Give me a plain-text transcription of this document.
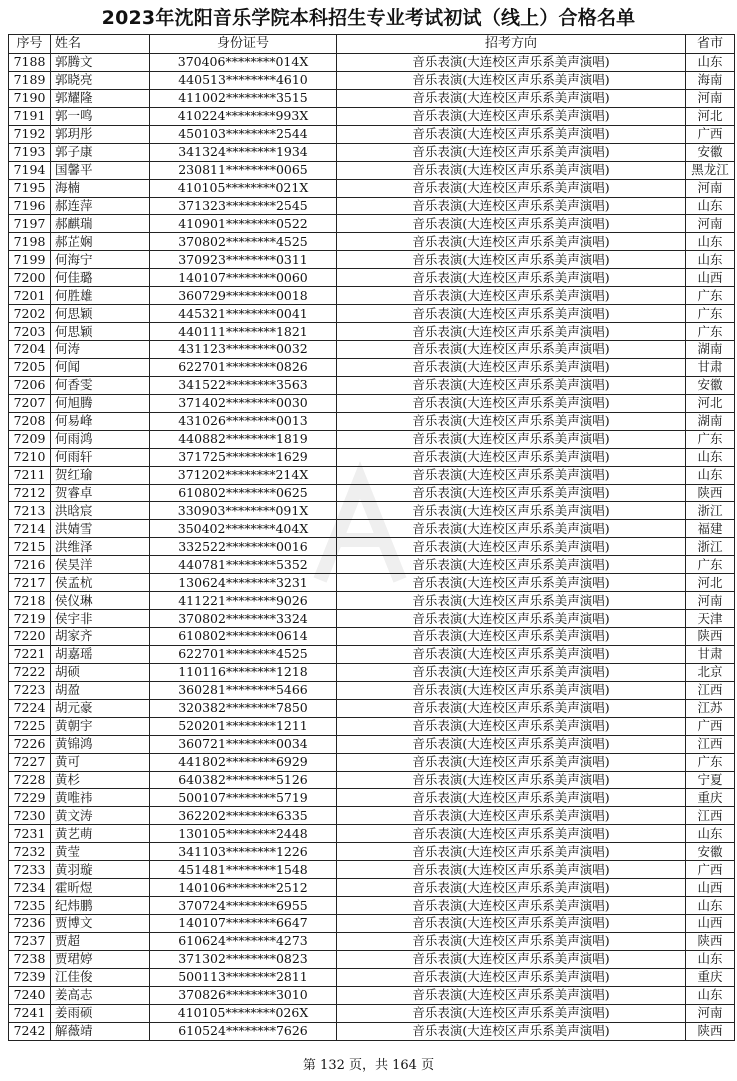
2023年沈阳音乐学院本科招生专业考试初试（线上）合格名单
序号	姓名	身份证号	招考方向	省市
7188	郭腾文	370406********014X	音乐表演(大连校区声乐系美声演唱)	山东
7189	郭晓亮	440513********4610	音乐表演(大连校区声乐系美声演唱)	海南
7190	郭耀隆	411002********3515	音乐表演(大连校区声乐系美声演唱)	河南
7191	郭一鸣	410224********993X	音乐表演(大连校区声乐系美声演唱)	河北
7192	郭玥彤	450103********2544	音乐表演(大连校区声乐系美声演唱)	广西
7193	郭子康	341324********1934	音乐表演(大连校区声乐系美声演唱)	安徽
7194	国馨平	230811********0065	音乐表演(大连校区声乐系美声演唱)	黑龙江
7195	海楠	410105********021X	音乐表演(大连校区声乐系美声演唱)	河南
7196	郝连萍	371323********2545	音乐表演(大连校区声乐系美声演唱)	山东
7197	郝麒瑞	410901********0522	音乐表演(大连校区声乐系美声演唱)	河南
7198	郝芷娴	370802********4525	音乐表演(大连校区声乐系美声演唱)	山东
7199	何海宁	370923********0311	音乐表演(大连校区声乐系美声演唱)	山东
7200	何佳璐	140107********0060	音乐表演(大连校区声乐系美声演唱)	山西
7201	何胜雄	360729********0018	音乐表演(大连校区声乐系美声演唱)	广东
7202	何思颖	445321********0041	音乐表演(大连校区声乐系美声演唱)	广东
7203	何思颖	440111********1821	音乐表演(大连校区声乐系美声演唱)	广东
7204	何涛	431123********0032	音乐表演(大连校区声乐系美声演唱)	湖南
7205	何闻	622701********0826	音乐表演(大连校区声乐系美声演唱)	甘肃
7206	何香雯	341522********3563	音乐表演(大连校区声乐系美声演唱)	安徽
7207	何旭腾	371402********0030	音乐表演(大连校区声乐系美声演唱)	河北
7208	何易峰	431026********0013	音乐表演(大连校区声乐系美声演唱)	湖南
7209	何雨鸿	440882********1819	音乐表演(大连校区声乐系美声演唱)	广东
7210	何雨轩	371725********1629	音乐表演(大连校区声乐系美声演唱)	山东
7211	贺红瑜	371202********214X	音乐表演(大连校区声乐系美声演唱)	山东
7212	贺睿卓	610802********0625	音乐表演(大连校区声乐系美声演唱)	陕西
7213	洪晗宸	330903********091X	音乐表演(大连校区声乐系美声演唱)	浙江
7214	洪婧雪	350402********404X	音乐表演(大连校区声乐系美声演唱)	福建
7215	洪维泽	332522********0016	音乐表演(大连校区声乐系美声演唱)	浙江
7216	侯昊洋	440781********5352	音乐表演(大连校区声乐系美声演唱)	广东
7217	侯孟杭	130624********3231	音乐表演(大连校区声乐系美声演唱)	河北
7218	侯仪琳	411221********9026	音乐表演(大连校区声乐系美声演唱)	河南
7219	侯宇非	370802********3324	音乐表演(大连校区声乐系美声演唱)	天津
7220	胡家齐	610802********0614	音乐表演(大连校区声乐系美声演唱)	陕西
7221	胡嘉瑶	622701********4525	音乐表演(大连校区声乐系美声演唱)	甘肃
7222	胡硕	110116********1218	音乐表演(大连校区声乐系美声演唱)	北京
7223	胡盈	360281********5466	音乐表演(大连校区声乐系美声演唱)	江西
7224	胡元豪	320382********7850	音乐表演(大连校区声乐系美声演唱)	江苏
7225	黄朝宇	520201********1211	音乐表演(大连校区声乐系美声演唱)	广西
7226	黄锦鸿	360721********0034	音乐表演(大连校区声乐系美声演唱)	江西
7227	黄可	441802********6929	音乐表演(大连校区声乐系美声演唱)	广东
7228	黄杉	640382********5126	音乐表演(大连校区声乐系美声演唱)	宁夏
7229	黄唯祎	500107********5719	音乐表演(大连校区声乐系美声演唱)	重庆
7230	黄文涛	362202********6335	音乐表演(大连校区声乐系美声演唱)	江西
7231	黄艺萌	130105********2448	音乐表演(大连校区声乐系美声演唱)	山东
7232	黄莹	341103********1226	音乐表演(大连校区声乐系美声演唱)	安徽
7233	黄羽璇	451481********1548	音乐表演(大连校区声乐系美声演唱)	广西
7234	霍昕煜	140106********2512	音乐表演(大连校区声乐系美声演唱)	山西
7235	纪炜鹏	370724********6955	音乐表演(大连校区声乐系美声演唱)	山东
7236	贾博文	140107********6647	音乐表演(大连校区声乐系美声演唱)	山西
7237	贾超	610624********4273	音乐表演(大连校区声乐系美声演唱)	陕西
7238	贾珺婷	371302********0823	音乐表演(大连校区声乐系美声演唱)	山东
7239	江佳俊	500113********2811	音乐表演(大连校区声乐系美声演唱)	重庆
7240	姜高志	370826********3010	音乐表演(大连校区声乐系美声演唱)	山东
7241	姜雨硕	410105********026X	音乐表演(大连校区声乐系美声演唱)	河南
7242	解薇靖	610524********7626	音乐表演(大连校区声乐系美声演唱)	陕西
第 132 页，共 164 页
